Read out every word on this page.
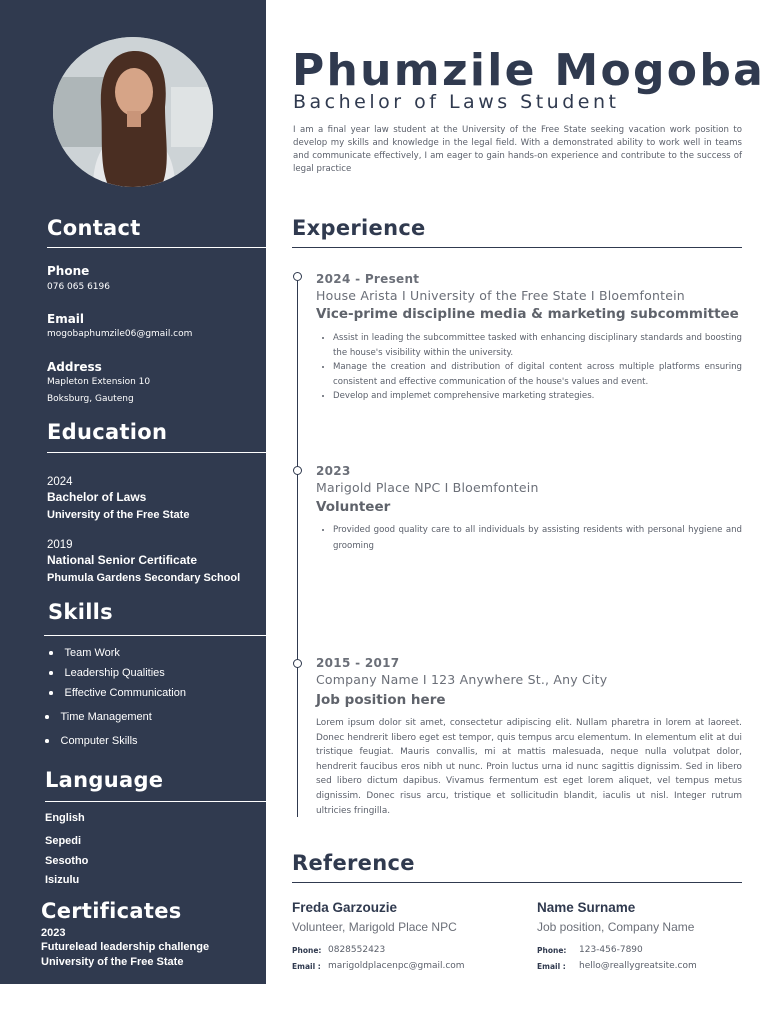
Contact
Phone
076 065 6196
Email
mogobaphumzile06@gmail.com
Address
Mapleton Extension 10
Boksburg, Gauteng
Education
2024
Bachelor of Laws
University of the Free State
2019
National Senior Certificate
Phumula Gardens Secondary School
Skills
Team Work
Leadership Qualities
Effective Communication
Time Management
Computer Skills
Language
English
Sepedi
Sesotho
Isizulu
Certificates
2023
Futurelead leadership challenge
University of the Free State
Phumzile Mogoba
Bachelor of Laws Student
I am a final year law student at the University of the Free State seeking vacation work position to develop my skills and knowledge in the legal field. With a demonstrated ability to work well in teams and communicate effectively, I am eager to gain hands-on experience and contribute to the success of legal practice
Experience
2024 - Present
House Arista I University of the Free State I Bloemfontein
Vice-prime discipline media & marketing subcommittee
• Assist in leading the subcommittee tasked with enhancing disciplinary standards and boosting the house's visibility within the university.
• Manage the creation and distribution of digital content across multiple platforms ensuring consistent and effective communication of the house's values and event.
• Develop and implemet comprehensive marketing strategies.
2023
Marigold Place NPC I Bloemfontein
Volunteer
• Provided good quality care to all individuals by assisting residents with personal hygiene and grooming
2015 - 2017
Company Name I 123 Anywhere St., Any City
Job position here
Lorem ipsum dolor sit amet, consectetur adipiscing elit. Nullam pharetra in lorem at laoreet. Donec hendrerit libero eget est tempor, quis tempus arcu elementum. In elementum elit at dui tristique feugiat. Mauris convallis, mi at mattis malesuada, neque nulla volutpat dolor, hendrerit faucibus eros nibh ut nunc. Proin luctus urna id nunc sagittis dignissim. Sed in libero sed libero dictum dapibus. Vivamus fermentum est eget lorem aliquet, vel tempus metus dignissim. Donec risus arcu, tristique et sollicitudin blandit, iaculis ut nisl. Integer rutrum ultricies fringilla.
Reference
Freda Garzouzie
Volunteer, Marigold Place NPC
Phone: 0828552423
Email : marigoldplacenpc@gmail.com
Name Surname
Job position, Company Name
Phone: 123-456-7890
Email : hello@reallygreatsite.com
